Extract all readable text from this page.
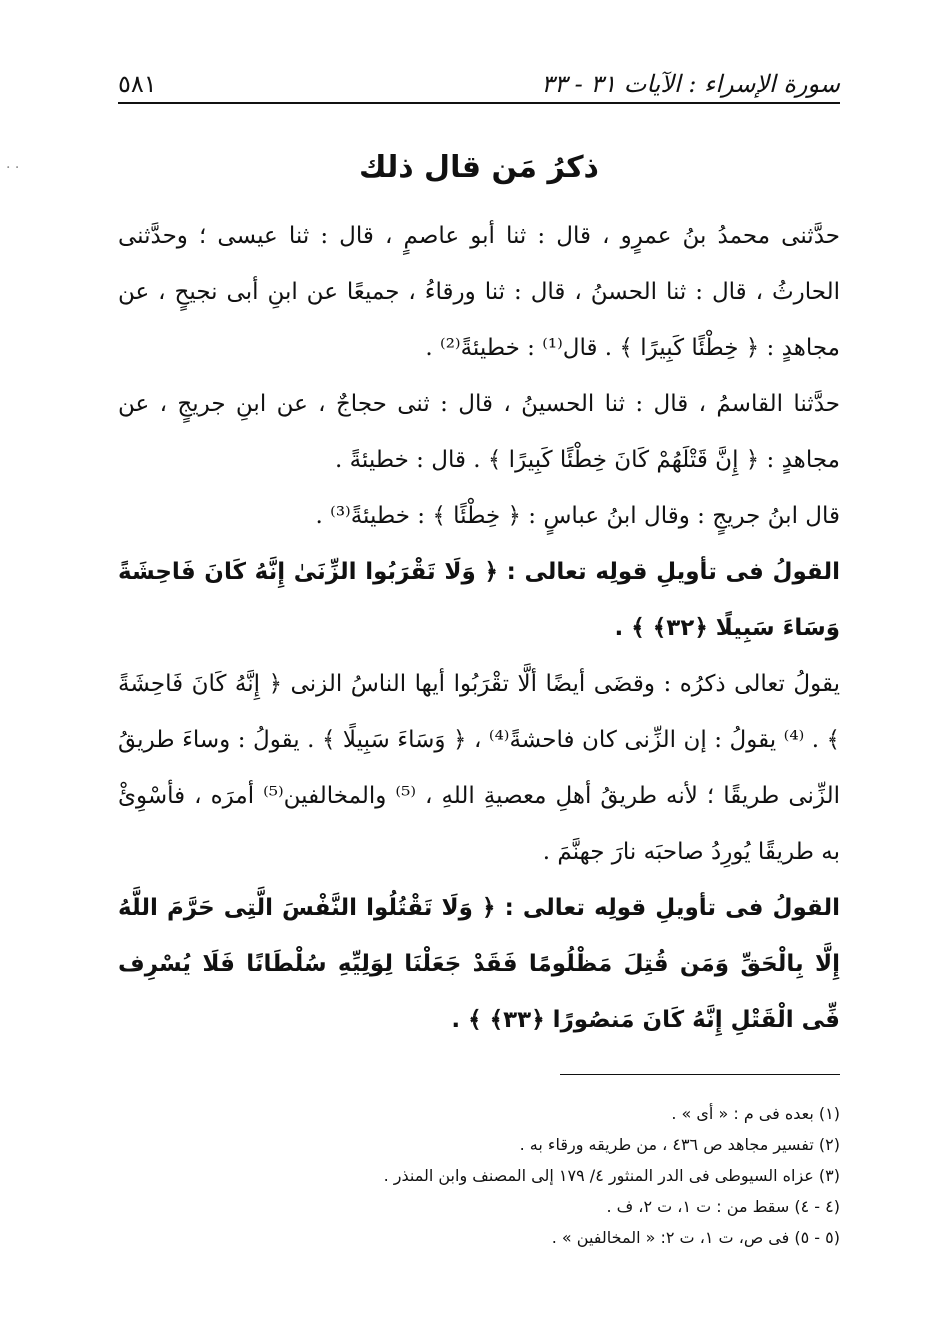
· ·
سورة الإسراء : الآيات ٣١ - ٣٣
٥٨١
ذكرُ مَن قال ذلك

حدَّثنى محمدُ بنُ عمرٍو ، قال : ثنا أبو عاصمٍ ، قال : ثنا عيسى ؛ وحدَّثنى الحارثُ ، قال : ثنا الحسنُ ، قال : ثنا ورقاءُ ، جميعًا عن ابنِ أبى نجيحٍ ، عن مجاهدٍ : ﴿ خِطْئًا كَبِيرًا ﴾ . قال⁽¹⁾ : خطيئةً⁽²⁾ .

حدَّثنا القاسمُ ، قال : ثنا الحسينُ ، قال : ثنى حجاجٌ ، عن ابنِ جريجٍ ، عن مجاهدٍ : ﴿ إِنَّ قَتْلَهُمْ كَانَ خِطْئًا كَبِيرًا ﴾ . قال : خطيئةً .

قال ابنُ جريجٍ : وقال ابنُ عباسٍ : ﴿ خِطْئًا ﴾ : خطيئةً⁽³⁾ .

القولُ فى تأويلِ قولِه تعالى : ﴿ وَلَا تَقْرَبُوا الزِّنَىٰ إِنَّهُ كَانَ فَاحِشَةً وَسَاءَ سَبِيلًا ﴿٣٢﴾ ﴾ .

يقولُ تعالى ذكرُه : وقضَى أيضًا ألَّا تقْرَبُوا أيها الناسُ الزنى ﴿ إِنَّهُ كَانَ فَاحِشَةً ﴾ . ⁽⁴⁾ يقولُ : إن الزِّنى كان فاحشةً⁽⁴⁾ ، ﴿ وَسَاءَ سَبِيلًا ﴾ . يقولُ : وساءَ طريقُ الزِّنى طريقًا ؛ لأنه طريقُ أهلِ معصيةِ اللهِ ، ⁽⁵⁾ والمخالفين⁽⁵⁾ أمرَه ، فأسْوِئْ به طريقًا يُورِدُ صاحبَه نارَ جهنَّمَ .

القولُ فى تأويلِ قولِه تعالى : ﴿ وَلَا تَقْتُلُوا النَّفْسَ الَّتِى حَرَّمَ اللَّهُ إِلَّا بِالْحَقِّ وَمَن قُتِلَ مَظْلُومًا فَقَدْ جَعَلْنَا لِوَلِيِّهِ سُلْطَانًا فَلَا يُسْرِف فِّى الْقَتْلِ إِنَّهُ كَانَ مَنصُورًا ﴿٣٣﴾ ﴾ .

(١) بعده فى م : « أى » .
(٢) تفسير مجاهد ص ٤٣٦ ، من طريقه ورقاء به .
(٣) عزاه السيوطى فى الدر المنثور ٤/ ١٧٩ إلى المصنف وابن المنذر .
(٤ - ٤) سقط من : ت ١، ت ٢، ف .
(٥ - ٥) فى ص، ت ١، ت ٢: « المخالفين » .
